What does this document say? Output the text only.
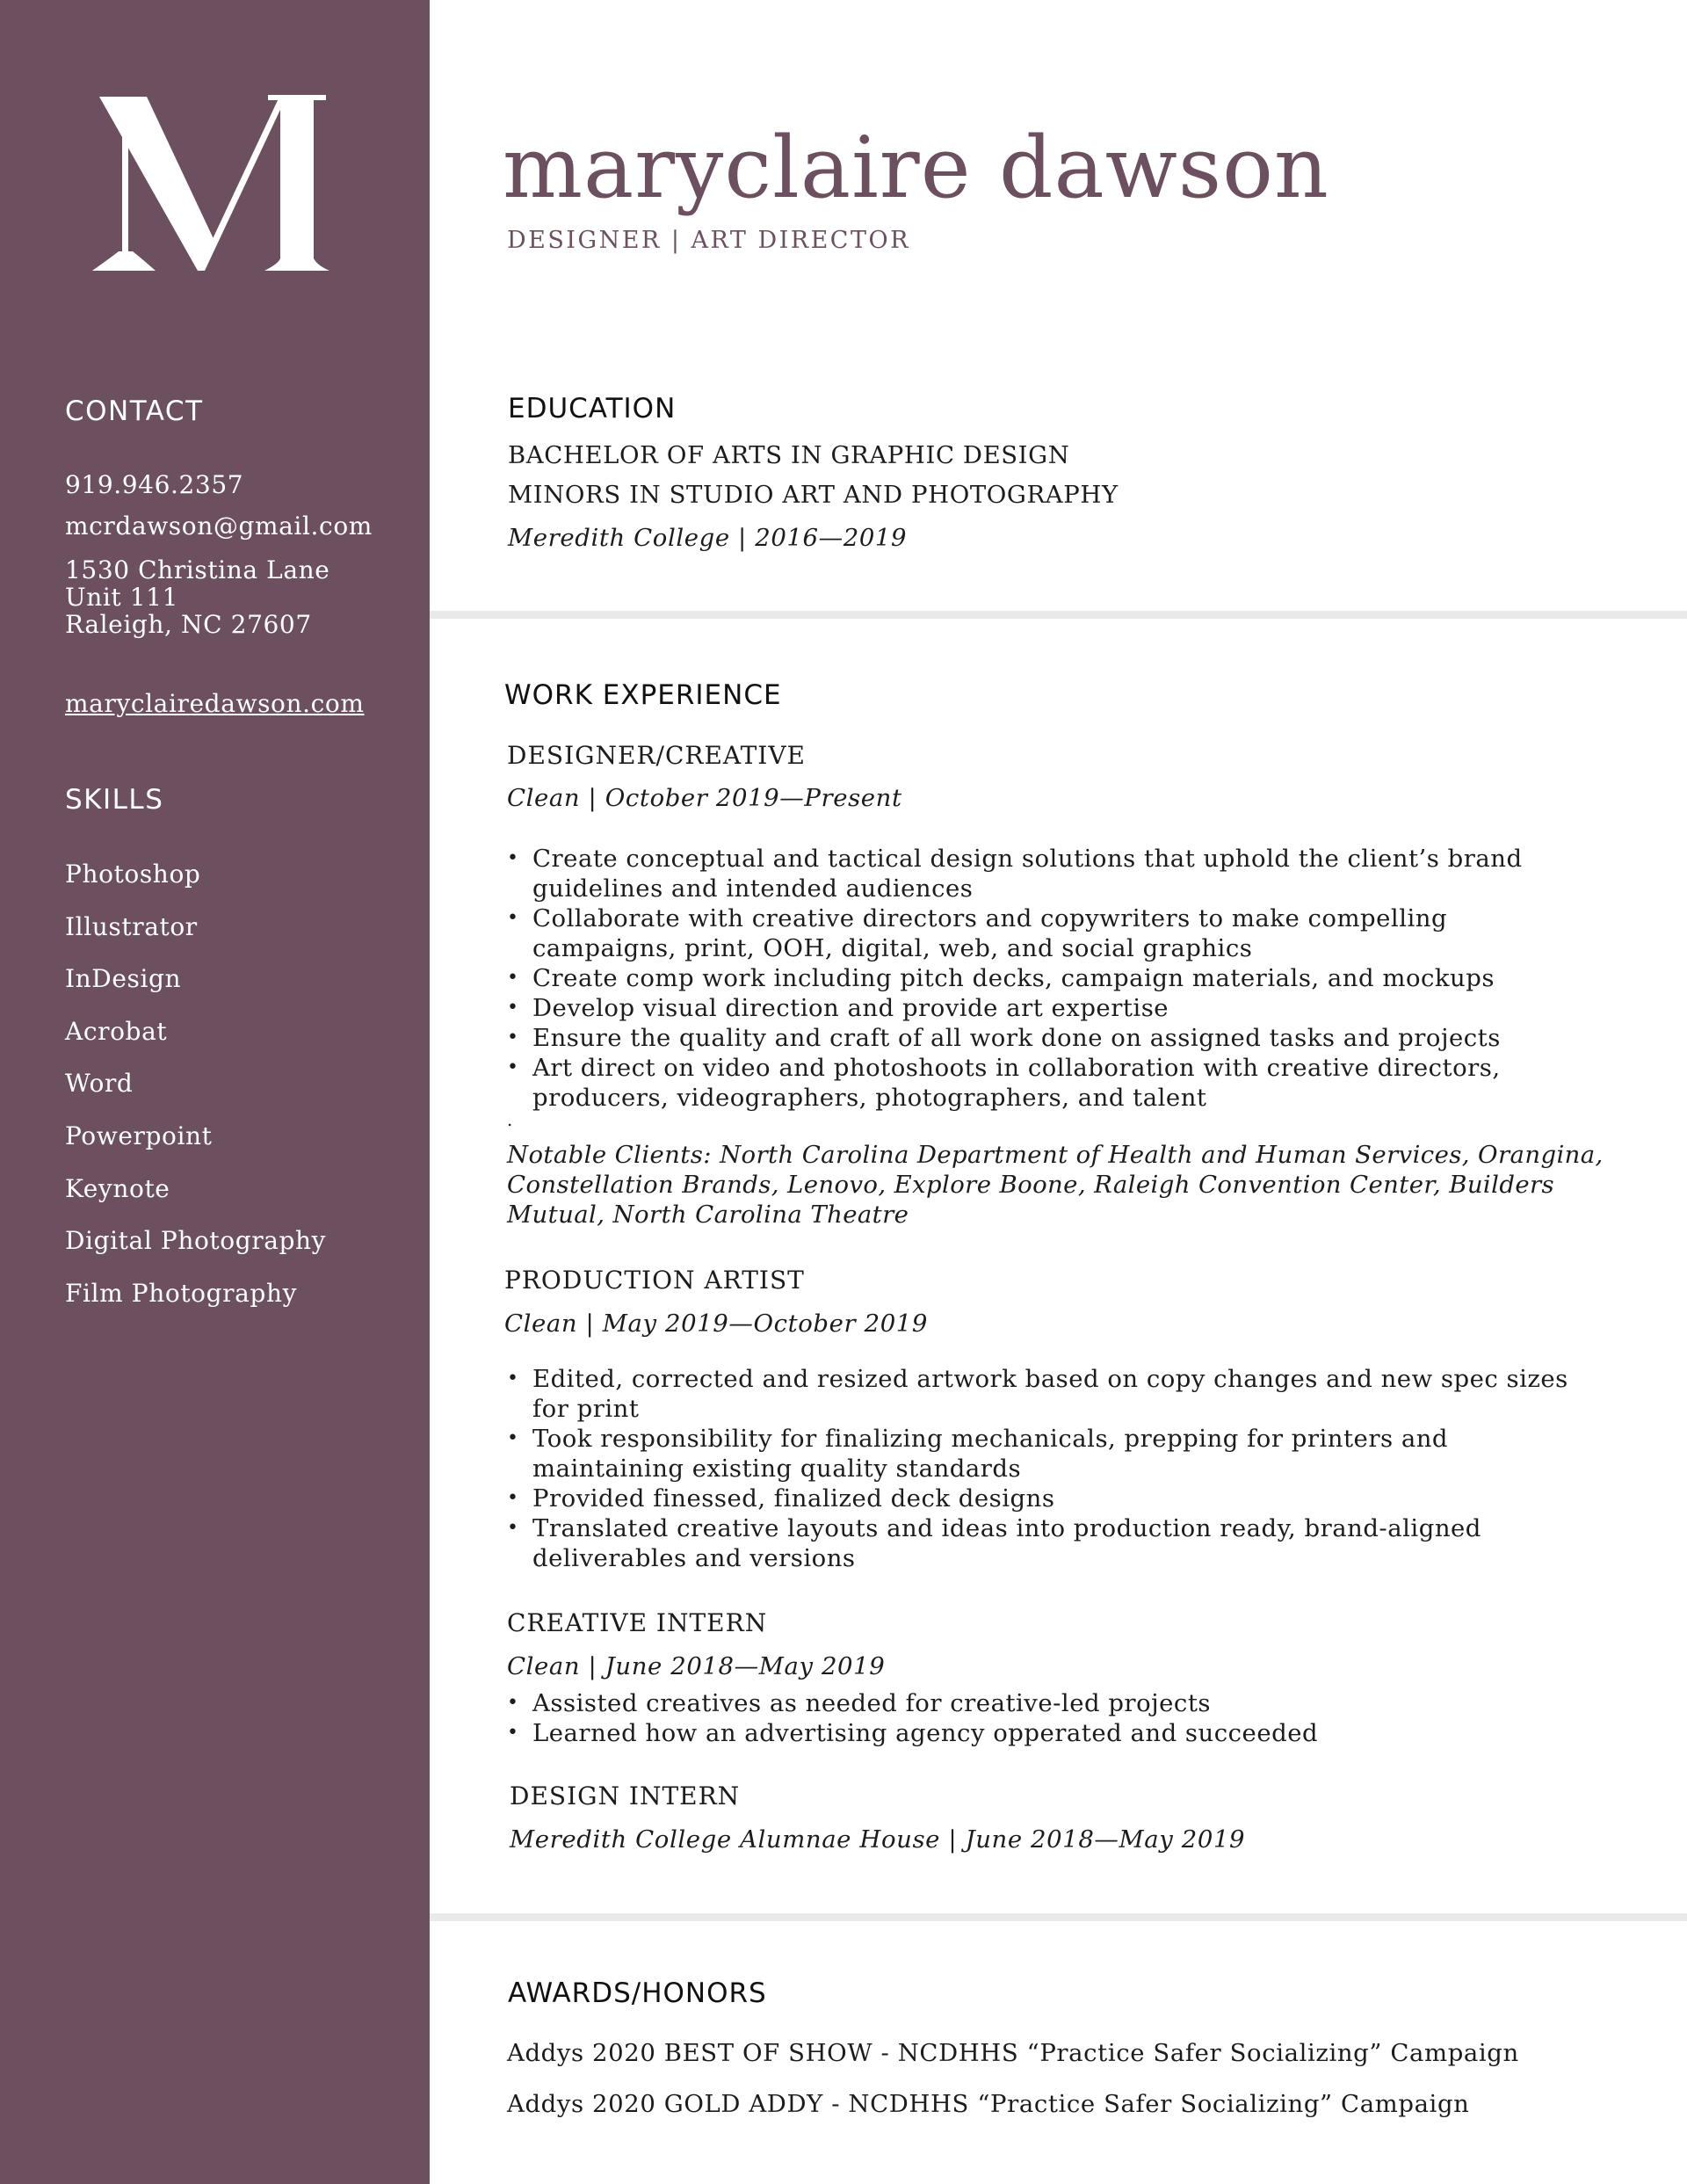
CONTACT

919.946.2357

mcrdawson@gmail.com

1530 Christina Lane

Unit 111

Raleigh, NC 27607

maryclairedawson.com

SKILLS
Photoshop
Illustrator
InDesign
Acrobat
Word
Powerpoint
Keynote
Digital Photography
Film Photography
maryclaire dawson

DESIGNER | ART DIRECTOR

EDUCATION

BACHELOR OF ARTS IN GRAPHIC DESIGN

MINORS IN STUDIO ART AND PHOTOGRAPHY

Meredith College | 2016—2019

WORK EXPERIENCE

DESIGNER/CREATIVE

Clean | October 2019—Present

• Create conceptual and tactical design solutions that uphold the client’s brand guidelines and intended audiences
• Collaborate with creative directors and copywriters to make compelling campaigns, print, OOH, digital, web, and social graphics
• Create comp work including pitch decks, campaign materials, and mockups
• Develop visual direction and provide art expertise
• Ensure the quality and craft of all work done on assigned tasks and projects
• Art direct on video and photoshoots in collaboration with creative directors, producers, videographers, photographers, and talent

.

Notable Clients: North Carolina Department of Health and Human Services, Orangina, Constellation Brands, Lenovo, Explore Boone, Raleigh Convention Center, Builders Mutual, North Carolina Theatre

PRODUCTION ARTIST

Clean | May 2019—October 2019

• Edited, corrected and resized artwork based on copy changes and new spec sizes for print
• Took responsibility for finalizing mechanicals, prepping for printers and maintaining existing quality standards
• Provided finessed, finalized deck designs
• Translated creative layouts and ideas into production ready, brand-aligned deliverables and versions

CREATIVE INTERN

Clean | June 2018—May 2019

• Assisted creatives as needed for creative-led projects
• Learned how an advertising agency opperated and succeeded

DESIGN INTERN

Meredith College Alumnae House | June 2018—May 2019

AWARDS/HONORS

Addys 2020 BEST OF SHOW - NCDHHS “Practice Safer Socializing” Campaign

Addys 2020 GOLD ADDY - NCDHHS “Practice Safer Socializing” Campaign
